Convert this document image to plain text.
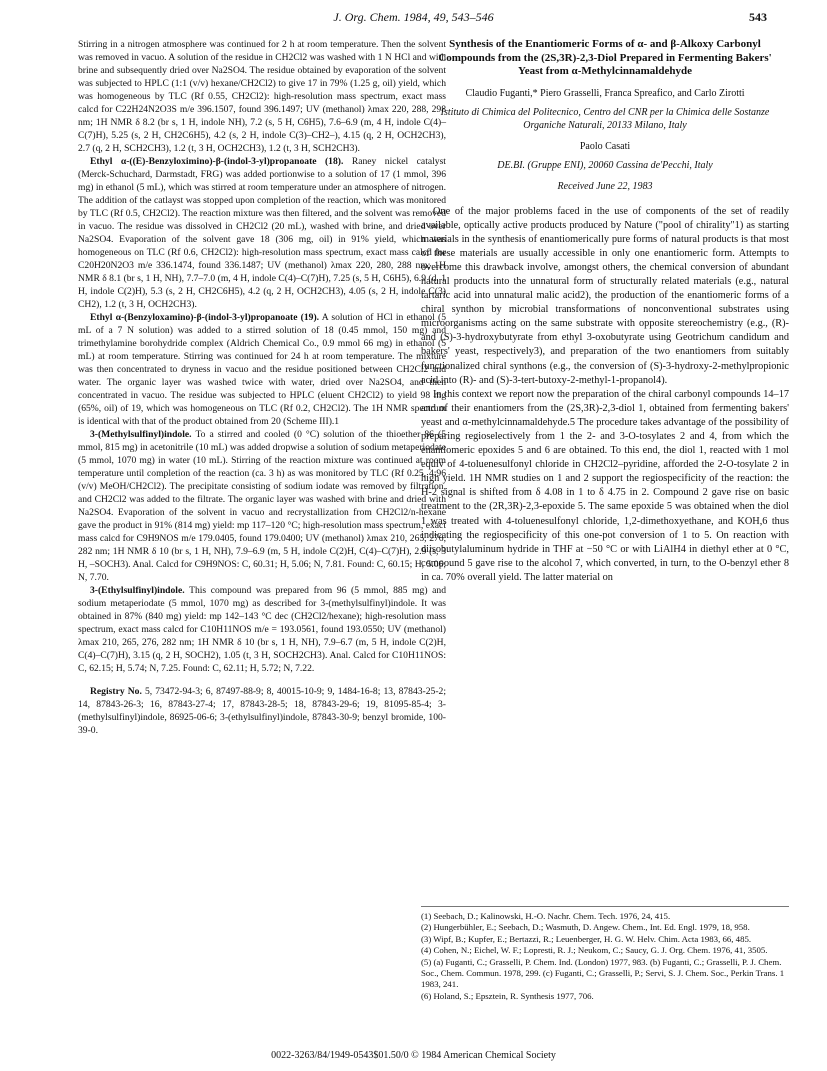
J. Org. Chem. 1984, 49, 543–546	543

Stirring in a nitrogen atmosphere was continued for 2 h at room temperature. Then the solvent was removed in vacuo. A solution of the residue in CH2Cl2 was washed with 1 N HCl and with brine and subsequently dried over Na2SO4. The residue obtained by evaporation of the solvent was subjected to HPLC (1:1 (v/v) hexane/CH2Cl2) to give 17 in 79% (1.25 g, oil) yield, which was homogeneous by TLC (Rf 0.55, CH2Cl2): high-resolution mass spectrum, exact mass calcd for C22H24N2O3S m/e 396.1507, found 396.1497; UV (methanol) λmax 220, 288, 298 nm; 1H NMR δ 8.2 (br s, 1 H, indole NH), 7.2 (s, 5 H, C6H5), 7.6–6.9 (m, 4 H, indole C(4)–C(7)H), 5.25 (s, 2 H, CH2C6H5), 4.2 (s, 2 H, indole C(3)–CH2–), 4.15 (q, 2 H, OCH2CH3), 2.7 (q, 2 H, SCH2CH3), 1.2 (t, 3 H, OCH2CH3), 1.2 (t, 3 H, SCH2CH3).

Ethyl α-((E)-Benzyloximino)-β-(indol-3-yl)propanoate (18). Raney nickel catalyst (Merck-Schuchard, Darmstadt, FRG) was added portionwise to a solution of 17 (1 mmol, 396 mg) in ethanol (5 mL), which was stirred at room temperature under an atmosphere of nitrogen. The addition of the catlayst was stopped upon completion of the reaction, which was monitored by TLC (Rf 0.5, CH2Cl2). The reaction mixture was then filtered, and the solvent was removed in vacuo. The residue was dissolved in CH2Cl2 (20 mL), washed with brine, and dried over Na2SO4. Evaporation of the solvent gave 18 (306 mg, oil) in 91% yield, which was homogeneous on TLC (Rf 0.6, CH2Cl2): high-resolution mass spectrum, exact mass calcd for C20H20N2O3 m/e 336.1474, found 336.1487; UV (methanol) λmax 220, 280, 288 nm; 1H NMR δ 8.1 (br s, 1 H, NH), 7.7–7.0 (m, 4 H, indole C(4)–C(7)H), 7.25 (s, 5 H, C6H5), 6.9 (d, 1 H, indole C(2)H), 5.3 (s, 2 H, CH2C6H5), 4.2 (q, 2 H, OCH2CH3), 4.05 (s, 2 H, indole C(3) CH2), 1.2 (t, 3 H, OCH2CH3).

Ethyl α-(Benzyloxamino)-β-(indol-3-yl)propanoate (19). A solution of HCl in ethanol (5 mL of a 7 N solution) was added to a stirred solution of 18 (0.45 mmol, 150 mg) and trimethylamine borohydride complex (Aldrich Chemical Co., 0.9 mmol 66 mg) in ethanol (5 mL) at room temperature. Stirring was continued for 24 h at room temperature. The mixture was then concentrated to dryness in vacuo and the residue positioned between CH2Cl2 and water. The organic layer was washed twice with water, dried over Na2SO4, and then concentrated in vacuo. The residue was subjected to HPLC (eluent CH2Cl2) to yield 98 mg (65%, oil) of 19, which was homogeneous on TLC (Rf 0.2, CH2Cl2). The 1H NMR spectrum is identical with that of the product obtained from 20 (Scheme III).1

3-(Methylsulfinyl)indole. To a stirred and cooled (0 °C) solution of the thioether 86 (5 mmol, 815 mg) in acetonitrile (10 mL) was added dropwise a solution of sodium metaperiodate (5 mmol, 1070 mg) in water (10 mL). Stirring of the reaction mixture was continued at room temperature until completion of the reaction (ca. 3 h) as was monitored by TLC (Rf 0.25, 4:96 (v/v) MeOH/CH2Cl2). The precipitate consisting of sodium iodate was removed by filtration, and CH2Cl2 was added to the filtrate. The organic layer was washed with brine and dried with Na2SO4. Evaporation of the solvent in vacuo and recrystallization from CH2Cl2/n-hexane gave the product in 91% (814 mg) yield: mp 117–120 °C; high-resolution mass spectrum, exact mass calcd for C9H9NOS m/e 179.0405, found 179.0400; UV (methanol) λmax 210, 265, 276, 282 nm; 1H NMR δ 10 (br s, 1 H, NH), 7.9–6.9 (m, 5 H, indole C(2)H, C(4)–C(7)H), 2.9 (s, 3 H, –SOCH3). Anal. Calcd for C9H9NOS: C, 60.31; H, 5.06; N, 7.81. Found: C, 60.15; H, 5.06; N, 7.70.

3-(Ethylsulfinyl)indole. This compound was prepared from 96 (5 mmol, 885 mg) and sodium metaperiodate (5 mmol, 1070 mg) as described for 3-(methylsulfinyl)indole. It was obtained in 87% (840 mg) yield: mp 142–143 °C dec (CH2Cl2/hexane); high-resolution mass spectrum, exact mass calcd for C10H11NOS m/e = 193.0561, found 193.0550; UV (methanol) λmax 210, 265, 276, 282 nm; 1H NMR δ 10 (br s, 1 H, NH), 7.9–6.7 (m, 5 H, indole C(2)H, C(4)–C(7)H), 3.15 (q, 2 H, SOCH2), 1.05 (t, 3 H, SOCH2CH3). Anal. Calcd for C10H11NOS: C, 62.15; H, 5.74; N, 7.25. Found: C, 62.11; H, 5.72; N, 7.22.

Registry No. 5, 73472-94-3; 6, 87497-88-9; 8, 40015-10-9; 9, 1484-16-8; 13, 87843-25-2; 14, 87843-26-3; 16, 87843-27-4; 17, 87843-28-5; 18, 87843-29-6; 19, 81095-85-4; 3-(methylsulfinyl)indole, 86925-06-6; 3-(ethylsulfinyl)indole, 87843-30-9; benzyl bromide, 100-39-0.

Synthesis of the Enantiomeric Forms of α- and β-Alkoxy Carbonyl Compounds from the (2S,3R)-2,3-Diol Prepared in Fermenting Bakers' Yeast from α-Methylcinnamaldehyde
Claudio Fuganti,* Piero Grasselli, Franca Spreafico, and Carlo Zirotti
Istituto di Chimica del Politecnico, Centro del CNR per la Chimica delle Sostanze Organiche Naturali, 20133 Milano, Italy
Paolo Casati
DE.BI. (Gruppe ENI), 20060 Cassina de'Pecchi, Italy
Received June 22, 1983

One of the major problems faced in the use of components of the set of readily available, optically active products produced by Nature ("pool of chirality"1) as starting materials in the synthesis of enantiomerically pure forms of natural products is that most of these materials are usually accessible in only one enantiomeric form. Attempts to overcome this drawback involve, amongst others, the chemical conversion of abundant natural products into the unnatural form of structurally related materials (e.g., natural tartaric acid into unnatural malic acid2), the production of the enantiomeric forms of a chiral synthon by microbial transformations of nonconventional substrates using microorganisms acting on the same substrate with opposite stereochemistry (e.g., (R)- and (S)-3-hydroxybutyrate from ethyl 3-oxobutyrate using Geotrichum candidum and bakers' yeast, respectively3), and preparation of the two enantiomers from suitably functionalized chiral synthons (e.g., the conversion of (S)-3-hydroxy-2-methylpropionic acid into (R)- and (S)-3-tert-butoxy-2-methyl-1-propanol4).

In this context we report now the preparation of the chiral carbonyl compounds 14–17 and of their enantiomers from the (2S,3R)-2,3-diol 1, obtained from fermenting bakers' yeast and α-methylcinnamaldehyde.5 The procedure takes advantage of the possibility of preparing regioselectively from 1 the 2- and 3-O-tosylates 2 and 4, from which the enantiomeric epoxides 5 and 6 are obtained. To this end, the diol 1, reacted with 1 mol equiv of 4-toluenesulfonyl chloride in CH2Cl2–pyridine, afforded the 2-O-tosylate 2 in high yield. 1H NMR studies on 1 and 2 support the regiospecificity of the reaction: the H-2 signal is shifted from δ 4.08 in 1 to δ 4.75 in 2. Compound 2 gave rise on basic treatment to the (2R,3R)-2,3-epoxide 5. The same epoxide 5 was obtained when the diol 1 was treated with 4-toluenesulfonyl chloride, 1,2-dimethoxyethane, and KOH,6 thus indicating the regiospecificity of this one-pot conversion of 1 to 5. On reaction with diisobutylaluminum hydride in THF at −50 °C or with LiAlH4 in diethyl ether at 0 °C, compound 5 gave rise to the alcohol 7, which converted, in turn, to the O-benzyl ether 8 in ca. 70% overall yield. The latter material on

(1) Seebach, D.; Kalinowski, H.-O. Nachr. Chem. Tech. 1976, 24, 415.
(2) Hungerbühler, E.; Seebach, D.; Wasmuth, D. Angew. Chem., Int. Ed. Engl. 1979, 18, 958.
(3) Wipf, B.; Kupfer, E.; Bertazzi, R.; Leuenberger, H. G. W. Helv. Chim. Acta 1983, 66, 485.
(4) Cohen, N.; Eichel, W. F.; Lopresti, R. J.; Neukom, C.; Saucy, G. J. Org. Chem. 1976, 41, 3505.
(5) (a) Fuganti, C.; Grasselli, P. Chem. Ind. (London) 1977, 983. (b) Fuganti, C.; Grasselli, P. J. Chem. Soc., Chem. Commun. 1978, 299. (c) Fuganti, C.; Grasselli, P.; Servi, S. J. Chem. Soc., Perkin Trans. 1 1983, 241.
(6) Holand, S.; Epsztein, R. Synthesis 1977, 706.
0022-3263/84/1949-0543$01.50/0 © 1984 American Chemical Society
